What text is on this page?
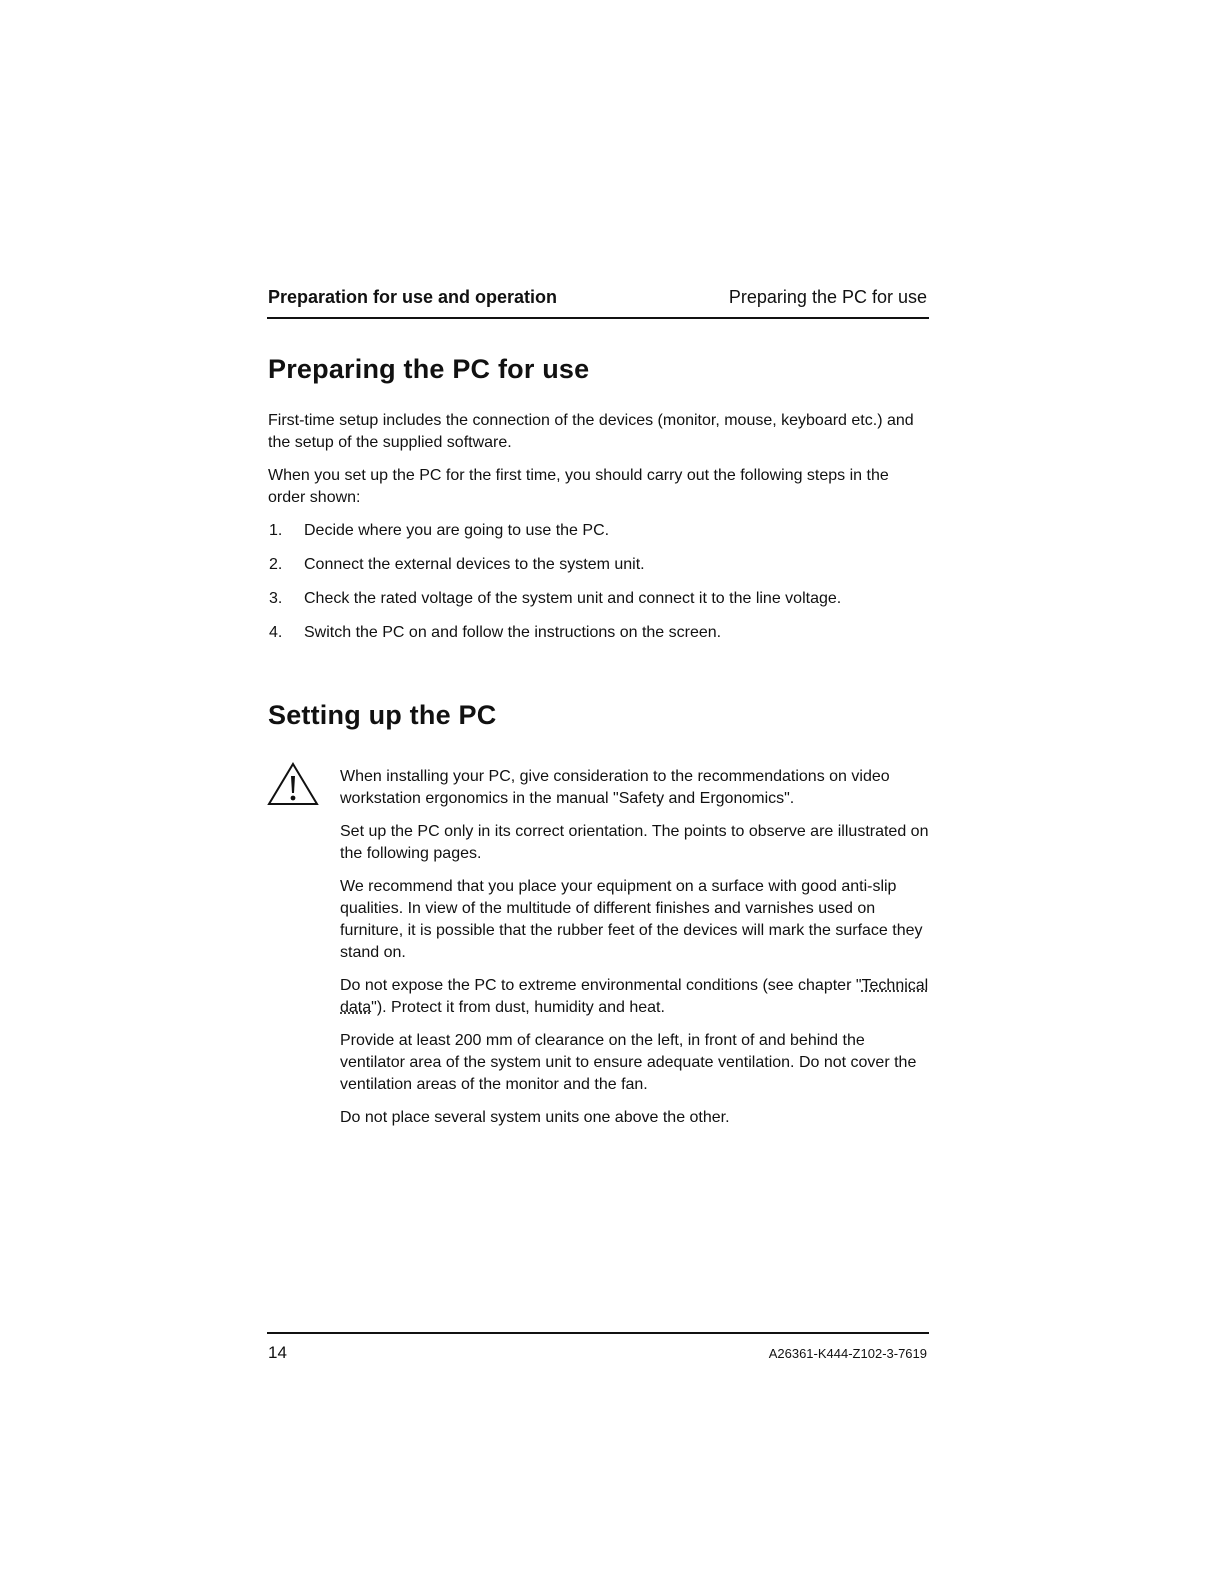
Preparation for use and operation	Preparing the PC for use
Preparing the PC for use

First-time setup includes the connection of the devices (monitor, mouse, keyboard etc.) and the setup of the supplied software.

When you set up the PC for the first time, you should carry out the following steps in the order shown:

1. Decide where you are going to use the PC.
2. Connect the external devices to the system unit.
3. Check the rated voltage of the system unit and connect it to the line voltage.
4. Switch the PC on and follow the instructions on the screen.
Setting up the PC

When installing your PC, give consideration to the recommendations on video workstation ergonomics in the manual "Safety and Ergonomics".

Set up the PC only in its correct orientation. The points to observe are illustrated on the following pages.

We recommend that you place your equipment on a surface with good anti-slip qualities. In view of the multitude of different finishes and varnishes used on furniture, it is possible that the rubber feet of the devices will mark the surface they stand on.

Do not expose the PC to extreme environmental conditions (see chapter "Technical data"). Protect it from dust, humidity and heat.

Provide at least 200 mm of clearance on the left, in front of and behind the ventilator area of the system unit to ensure adequate ventilation. Do not cover the ventilation areas of the monitor and the fan.

Do not place several system units one above the other.

14	A26361-K444-Z102-3-7619
